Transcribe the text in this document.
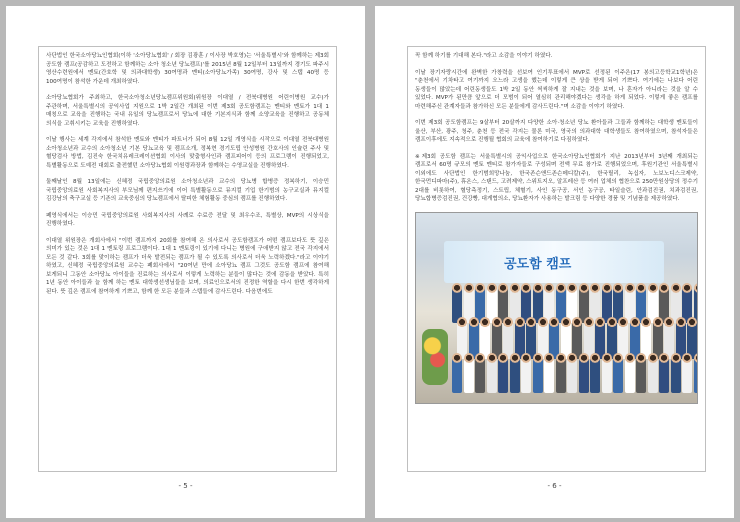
사단법인 한국소아당뇨인협회(이하 '소아당뇨협회' / 회장 김광훈 / 이사장 박호영)는 '서울특별시'와 함께하는 제3회 공도함 캠프(공감하고 도전하고 함께하는 소아 청소년 당뇨캠프)'를 2015년 8월 12일부터 13일까지 경기도 파주시 영산수련원에서 멘토(간호학 및 의과대학생) 30여명과 멘티(소아당뇨가족) 30여명, 강사 및 스탭 40명 등 100여명이 참석한 가운데 개최하였다.

소아당뇨협회가 주최하고, 한국소아청소년당뇨캠프위원회(위원장 이대열 / 전북대병원 어린이병원 교수)가 주관하며, 서울특별시의 공익사업 지원으로 1박 2일간 개최된 이번 제3회 공도함캠프는 멘티와 멘토가 1대 1 매칭으로 교육을 진행하는 국내 유일의 당뇨캠프로서 당뇨에 대한 기본지식과 함께 소양교육을 진행하고 공동체 의식을 고취시키는 교육을 진행하였다.

이날 행사는 세계 각지에서 참석한 멘토와 멘티가 파트너가 되어 8월 12일 개영식을 시작으로 이대열 전북대병원 소아청소년과 교수의 소아청소년 기본 당뇨교육 및 캠프소개, 정복현 경기도립 안성병원 간호사의 인슐린 주사 및 혈당검사 방법, 김진숙 한국치유레크레이션협회 이사의 맞춤형사인과 캠프피어이 등의 프로그램이 진행되었고, 특별활동으로 도예전 대회로 출전했던 소아당뇨협회 이원령과장과 함께하는 수영교실을 진행하였다.

둘째날인 8월 13일에는 신혜정 국립중앙의료원 소아청소년과 교수의 당뇨병 합병증 정복하기, 이승민 국립중앙의료원 사회복지사의 부모님께 편지쓰기에 이어 특별활동으로 뮤지컬 기업 한기범의 농구교실과 뮤지컬 김강남의 축구교실 등 기존의 교육중심의 당뇨캠프에서 탈피한 체험활동 중심의 캠프를 진행하였다.

폐영식에서는 이승민 국립중앙의료원 사회복지사의 사례로 수료증 전달 및 최우수조, 특별상, MVP의 시상식을 진행하였다.

이대열 위원장은 개회사에서 "이번 캠프까지 20회를 참여해 온 의사로서 공도함캠프가 어떤 캠프보다도 뜻 깊은 의미가 있는 것은 1대 1 멘토링 프로그램이다. 1대 1 멘토링이 있기에 다니는 병원에 구애받지 않고 전국 각지에서 모든 것 같다. 3회를 맞이하는 캠프가 더욱 발전되는 캠프가 될 수 있도록 의사로서 더욱 노력하겠다."라고 이야기 하였고, 신혜정 국립중앙의료원 교수는 폐회사에서 "20여년 만에 소아당뇨 캠프 그것도 공도함 캠프에 참여해 보게되니 그동안 소아당뇨 아이들을 진료하는 의사로서 이렇게 노력하는 분들이 많다는 것에 감동을 받았다. 특히 1년 동안 아이들과 늘 함께 하는 멘토 대학생선생님들을 보며, 의료인으로서의 진정한 역할을 다시 한번 생각하게 된다. 뜻 깊은 캠프에 참여하게 기쁘고, 함께 한 모든 분들과 스탭들에 감사드린다. 다음번에도

- 5 -

꼭 함께 하기를 기대해 본다."라고 소감을 이야기 하였다.

이날 장기자랑시간에 완벽한 가창력을 선보여 인기투표에서 MVP로 선정된 이주은(17 봉의고등학교1학년)은 "춘천에서 기차타고 여기까지 오느라 고생을 했는데 이렇게 큰 상을 받게 되어 기쁘다. 여기에는 나보다 어린 동생들이 많았는데 어린동생들도 1박 2일 동안 씩씩하게 잘 지내는 것을 보며, 나 혼자가 아니라는 것을 알 수 있었다. MVP가 된만큼 앞으로 더 모범이 되어 열심히 관리해야겠다는 생각을 하게 되었다. 이렇게 좋은 캠프를 마련해주신 관계자들과 참가하신 모든 분들에게 감사드린다."며 소감을 이야기 하였다.

이번 제3회 공도함캠프는 9살부터 20살까지 다양한 소아·청소년 당뇨 환아들과 그들과 함께하는 대학생 멘토들이 울산, 부산, 광주, 청주, 춘천 등 전국 각지는 물론 미국, 영국의 의과대학 대학생들도 참여하였으며, 참석자들은 캠프이후에도 지속적으로 진행될 협회의 교육에 참여하기로 다짐하였다.

※제3회 공도함 캠프는 서울특별시의 공익사업으로 한국소아당뇨인협회가 지난 2013년부터 3년째 개최되는 캠프로서 60명 규모의 멘토 멘티로 참가자들로 구성되며 전액 무료 참가로 진행되었으며, 후원기관인 서울특별시 이외에도 사단법인 한기범희망나눔, 한국존슨앤드존슨메디칼(주), 한국릴리, 녹십자, 노보노디스크제약, 한국먼디파마(주), 휴온스, 스탠드, 고려제약, 스위트지오, 알프레산 등 여러 업체의 협찬으로 250만원상당의 정수기 2대를 비롯하여, 혈당측정기, 스트립, 체혈기, 사인 동구공, 서인 농구공, 타일슬린, 안과검진권, 치과검진권, 당뇨합병증검진권, 건강빵, 대게협의소, 당뇨환자가 사용하는 발크림 등 다양한 경품 및 기념품을 제공하였다.

공도함 캠프
- 6 -
